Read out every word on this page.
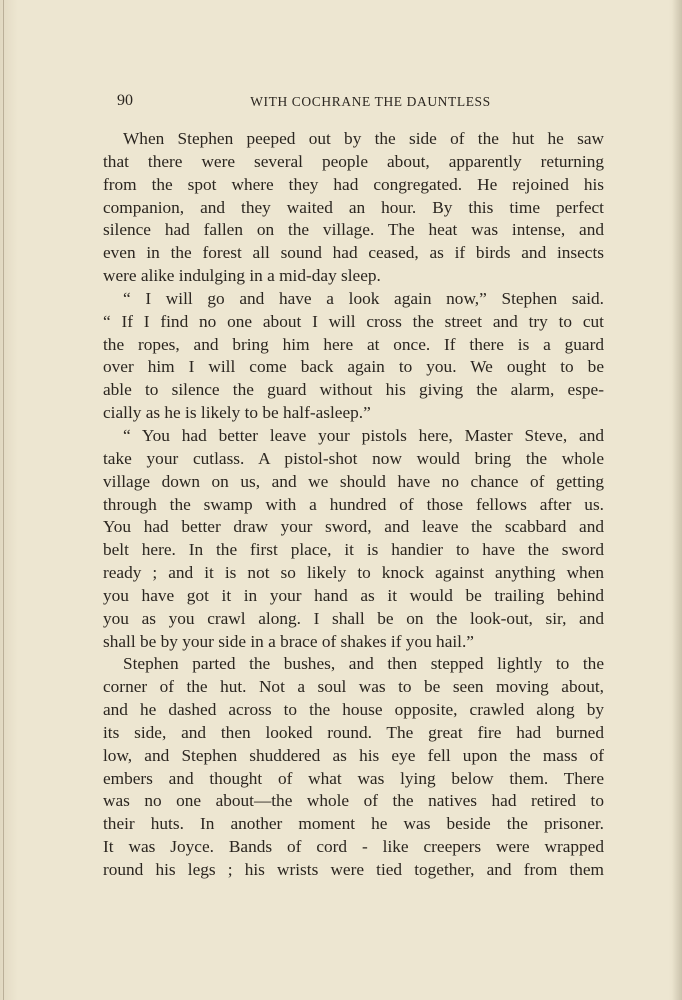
90	WITH COCHRANE THE DAUNTLESS
When Stephen peeped out by the side of the hut he saw
that there were several people about, apparently returning
from the spot where they had congregated. He rejoined his
companion, and they waited an hour. By this time perfect
silence had fallen on the village. The heat was intense, and
even in the forest all sound had ceased, as if birds and insects
were alike indulging in a mid-day sleep.
“ I will go and have a look again now,” Stephen said.
“ If I find no one about I will cross the street and try to cut
the ropes, and bring him here at once. If there is a guard
over him I will come back again to you. We ought to be
able to silence the guard without his giving the alarm, espe-
cially as he is likely to be half-asleep.”
“ You had better leave your pistols here, Master Steve, and
take your cutlass. A pistol-shot now would bring the whole
village down on us, and we should have no chance of getting
through the swamp with a hundred of those fellows after us.
You had better draw your sword, and leave the scabbard and
belt here. In the first place, it is handier to have the sword
ready ; and it is not so likely to knock against anything when
you have got it in your hand as it would be trailing behind
you as you crawl along. I shall be on the look-out, sir, and
shall be by your side in a brace of shakes if you hail.”
Stephen parted the bushes, and then stepped lightly to the
corner of the hut. Not a soul was to be seen moving about,
and he dashed across to the house opposite, crawled along by
its side, and then looked round. The great fire had burned
low, and Stephen shuddered as his eye fell upon the mass of
embers and thought of what was lying below them. There
was no one about—the whole of the natives had retired to
their huts. In another moment he was beside the prisoner.
It was Joyce. Bands of cord - like creepers were wrapped
round his legs ; his wrists were tied together, and from them
